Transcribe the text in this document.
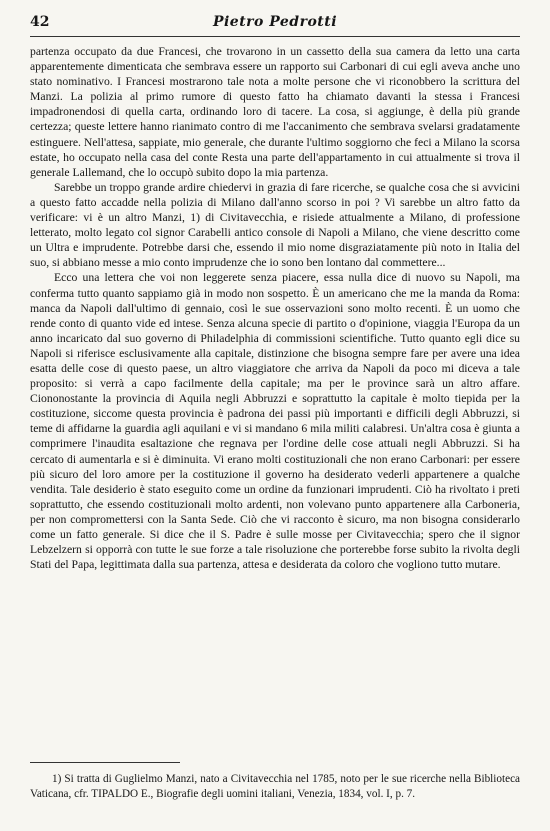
42	Pietro Pedrotti

partenza occupato da due Francesi, che trovarono in un cassetto della sua camera da letto una carta apparentemente dimenticata che sembrava essere un rapporto sui Carbonari di cui egli aveva anche uno stato nominativo. I Francesi mostrarono tale nota a molte persone che vi riconobbero la scrittura del Manzi. La polizia al primo rumore di questo fatto ha chiamato davanti la stessa i Francesi impadronendosi di quella carta, ordinando loro di tacere. La cosa, si aggiunge, è della più grande certezza; queste lettere hanno rianimato contro di me l'accanimento che sembrava svelarsi gradatamente estinguere. Nell'attesa, sappiate, mio generale, che durante l'ultimo soggiorno che feci a Milano la scorsa estate, ho occupato nella casa del conte Resta una parte dell'appartamento in cui attualmente si trova il generale Lallemand, che lo occupò subito dopo la mia partenza.

Sarebbe un troppo grande ardire chiedervi in grazia di fare ricerche, se qualche cosa che si avvicini a questo fatto accadde nella polizia di Milano dall'anno scorso in poi ? Vi sarebbe un altro fatto da verificare: vi è un altro Manzi, 1) di Civitavecchia, e risiede attualmente a Milano, di professione letterato, molto legato col signor Carabelli antico console di Napoli a Milano, che viene descritto come un Ultra e imprudente. Potrebbe darsi che, essendo il mio nome disgraziatamente più noto in Italia del suo, si abbiano messe a mio conto imprudenze che io sono ben lontano dal commettere...

Ecco una lettera che voi non leggerete senza piacere, essa nulla dice di nuovo su Napoli, ma conferma tutto quanto sappiamo già in modo non sospetto. È un americano che me la manda da Roma: manca da Napoli dall'ultimo di gennaio, così le sue osservazioni sono molto recenti. È un uomo che rende conto di quanto vide ed intese. Senza alcuna specie di partito o d'opinione, viaggia l'Europa da un anno incaricato dal suo governo di Philadelphia di commissioni scientifiche. Tutto quanto egli dice su Napoli si riferisce esclusivamente alla capitale, distinzione che bisogna sempre fare per avere una idea esatta delle cose di questo paese, un altro viaggiatore che arriva da Napoli da poco mi diceva a tale proposito: si verrà a capo facilmente della capitale; ma per le province sarà un altro affare. Ciononostante la provincia di Aquila negli Abbruzzi e soprattutto la capitale è molto tiepida per la costituzione, siccome questa provincia è padrona dei passi più importanti e difficili degli Abbruzzi, si teme di affidarne la guardia agli aquilani e vi si mandano 6 mila militi calabresi. Un'altra cosa è giunta a comprimere l'inaudita esaltazione che regnava per l'ordine delle cose attuali negli Abbruzzi. Si ha cercato di aumentarla e si è diminuita. Vi erano molti costituzionali che non erano Carbonari: per essere più sicuro del loro amore per la costituzione il governo ha desiderato vederli appartenere a qualche vendita. Tale desiderio è stato eseguito come un ordine da funzionari imprudenti. Ciò ha rivoltato i preti soprattutto, che essendo costituzionali molto ardenti, non volevano punto appartenere alla Carboneria, per non compromettersi con la Santa Sede. Ciò che vi racconto è sicuro, ma non bisogna considerarlo come un fatto generale. Si dice che il S. Padre è sulle mosse per Civitavecchia; spero che il signor Lebzelzern si opporrà con tutte le sue forze a tale risoluzione che porterebbe forse subito la rivolta degli Stati del Papa, legittimata dalla sua partenza, attesa e desiderata da coloro che vogliono tutto mutare.

1) Si tratta di Guglielmo Manzi, nato a Civitavecchia nel 1785, noto per le sue ricerche nella Biblioteca Vaticana, cfr. TIPALDO E., Biografie degli uomini italiani, Venezia, 1834, vol. I, p. 7.
